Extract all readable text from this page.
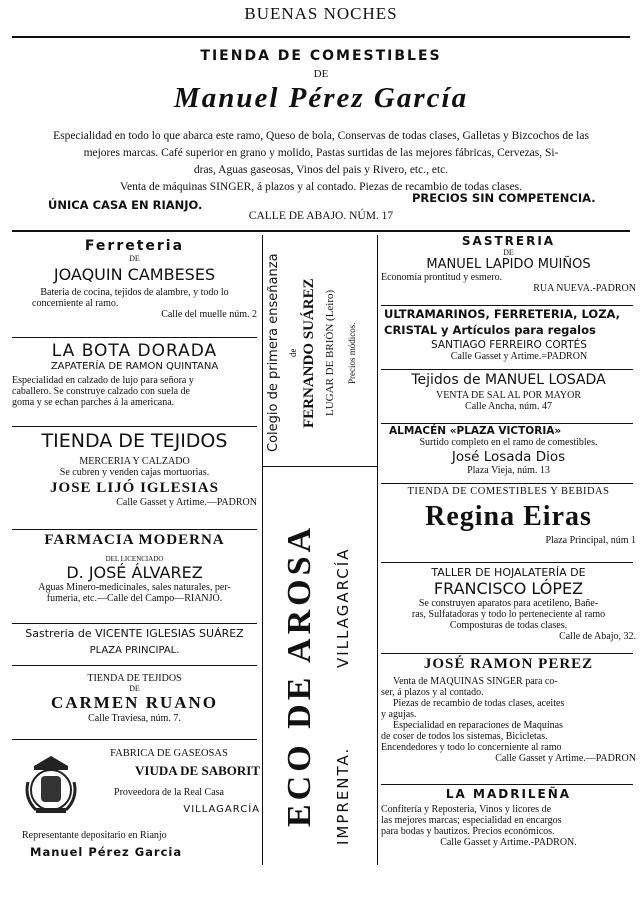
BUENAS NOCHES
TIENDA DE COMESTIBLES
DE
Manuel Pérez García
Especialidad en todo lo que abarca este ramo, Queso de bola, Conservas de todas clases, Galletas y Bizcochos de las
mejores marcas. Café superior en grano y molido, Pastas surtidas de las mejores fábricas, Cervezas, Si-
dras, Aguas gaseosas, Vinos del pais y Rivero, etc., etc.
Venta de máquinas SINGER, á plazos y al contado. Piezas de recambio de todas clases.
ÚNICA CASA EN RIANJO.	PRECIOS SIN COMPETENCIA.
CALLE DE ABAJO. NÚM. 17

Ferreteria

DE

JOAQUIN CAMBESES

Bateria de cocina, tejidos de alambre, y todo lo

concerniente al ramo.

Calle del muelle núm. 2

LA BOTA DORADA

ZAPATERÍA DE RAMON QUINTANA

Especialidad en calzado de lujo para señora y

caballero. Se construye calzado con suela de

goma y se echan parches á la americana.

TIENDA DE TEJIDOS

MERCERIA Y CALZADO

Se cubren y venden cajas mortuorias.

JOSE LIJÓ IGLESIAS

Calle Gasset y Artime.—PADRON

FARMACIA MODERNA

DEL LICENCIADO

D. JOSÉ ÁLVAREZ

Aguas Minero-medicinales, sales naturales, per-

fumeria, etc.—Calle del Campo—RIANJO.

Sastreria de VICENTE IGLESIAS SUÁREZ

PLAZA PRINCIPAL.

TIENDA DE TEJIDOS

DE

CARMEN RUANO

Calle Traviesa, núm. 7.

FABRICA DE GASEOSAS

VIUDA DE SABORIT

Proveedora de la Real Casa

VILLAGARCÍA

Representante depositario en Rianjo
Manuel Pérez Garcia
Colegio de primera enseñanza de FERNANDO SUÁREZ LUGAR DE BRIÓN (Leiro) Precios módicos.
ECO DE AROSA IMPRENTA.
VILLAGARCÍA

SASTRERIA

DE

MANUEL LAPIDO MUIÑOS

Economía prontitud y esmero.

RUA NUEVA.-PADRON

ULTRAMARINOS, FERRETERIA, LOZA,

CRISTAL y Artículos para regalos

SANTIAGO FERREIRO CORTÉS

Calle Gasset y Artime.=PADRON

Tejidos de MANUEL LOSADA

VENTA DE SAL AL POR MAYOR

Calle Ancha, núm. 47

ALMACÉN «PLAZA VICTORIA»

Surtido completo en el ramo de comestibles.

José Losada Dios

Plaza Vieja, núm. 13

TIENDA DE COMESTIBLES Y BEBIDAS

Regina Eiras

Plaza Principal, núm 1

TALLER DE HOJALATERÍA DE

FRANCISCO LÓPEZ

Se construyen aparatos para acetileno, Bañe-

ras, Sulfatadoras y todo lo perteneciente al ramo

Composturas de todas clases.

Calle de Abajo, 32.

JOSÉ RAMON PEREZ

Venta de MAQUINAS SINGER para co-

ser, á plazos y al contado.

Piezas de recambio de todas clases, aceites

y agujas.

Especialidad en reparaciones de Maquinas

de coser de todos los sistemas, Bicicletas.

Encendedores y todo lo concerniente al ramo

Calle Gasset y Artime.—PADRON

LA MADRILEÑA

Confitería y Reposteria, Vinos y licores de

las mejores marcas; especialidad en encargos

para bodas y bautizos. Precios económicos.

Calle Gasset y Artime.-PADRON.
